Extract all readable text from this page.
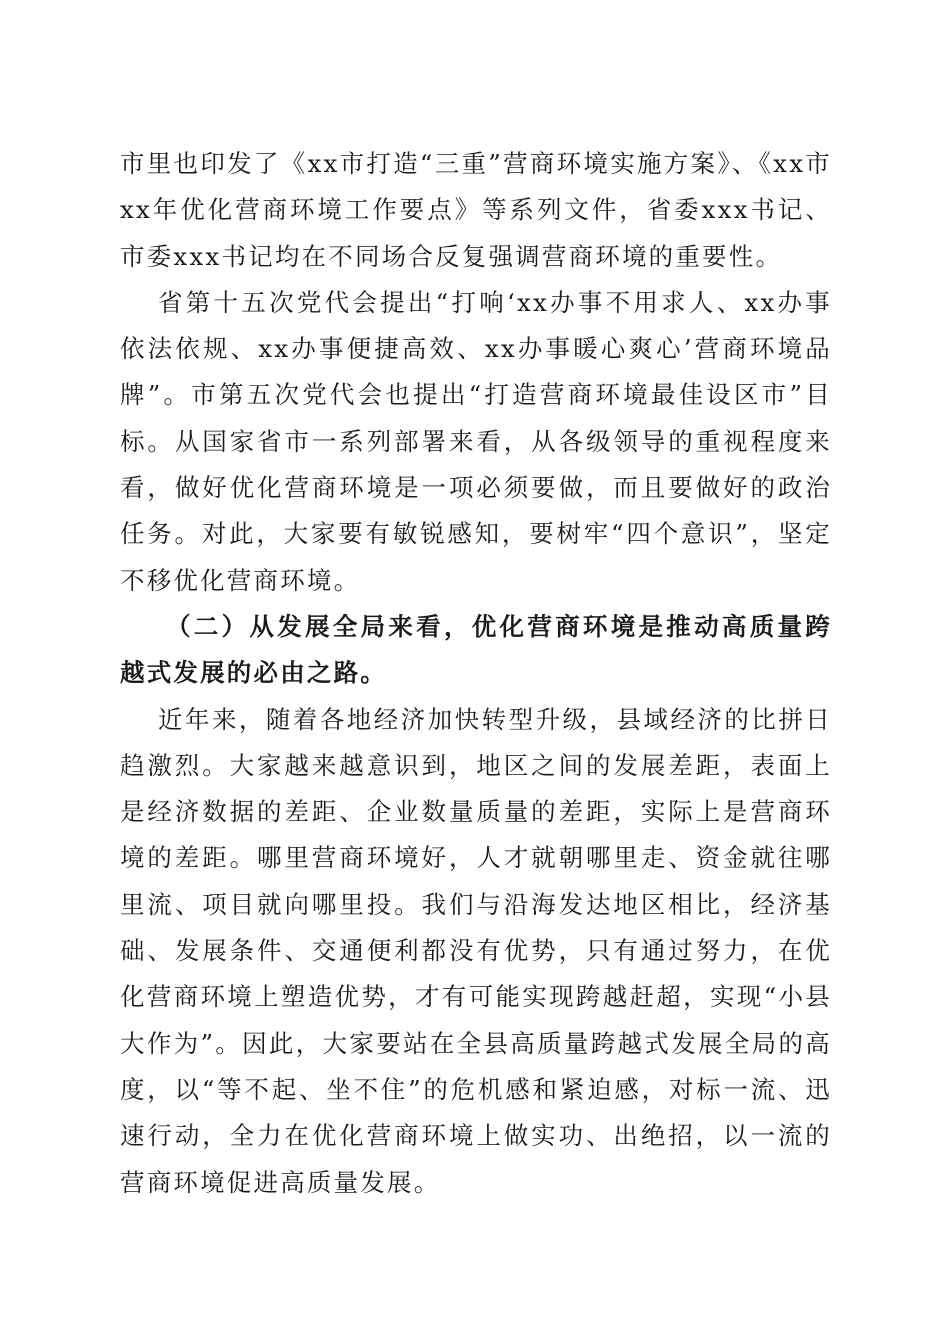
市里也印发了《xx市打造“三重”营商环境实施方案》、《xx市xx年优化营商环境工作要点》等系列文件，省委xxx书记、市委xxx书记均在不同场合反复强调营商环境的重要性。

省第十五次党代会提出“打响‘xx办事不用求人、xx办事依法依规、xx办事便捷高效、xx办事暖心爽心’营商环境品牌”。市第五次党代会也提出“打造营商环境最佳设区市”目标。从国家省市一系列部署来看，从各级领导的重视程度来看，做好优化营商环境是一项必须要做，而且要做好的政治任务。对此，大家要有敏锐感知，要树牢“四个意识”，坚定不移优化营商环境。

（二）从发展全局来看，优化营商环境是推动高质量跨越式发展的必由之路。

近年来，随着各地经济加快转型升级，县域经济的比拼日趋激烈。大家越来越意识到，地区之间的发展差距，表面上是经济数据的差距、企业数量质量的差距，实际上是营商环境的差距。哪里营商环境好，人才就朝哪里走、资金就往哪里流、项目就向哪里投。我们与沿海发达地区相比，经济基础、发展条件、交通便利都没有优势，只有通过努力，在优化营商环境上塑造优势，才有可能实现跨越赶超，实现“小县大作为”。因此，大家要站在全县高质量跨越式发展全局的高度，以“等不起、坐不住”的危机感和紧迫感，对标一流、迅速行动，全力在优化营商环境上做实功、出绝招，以一流的营商环境促进高质量发展。
